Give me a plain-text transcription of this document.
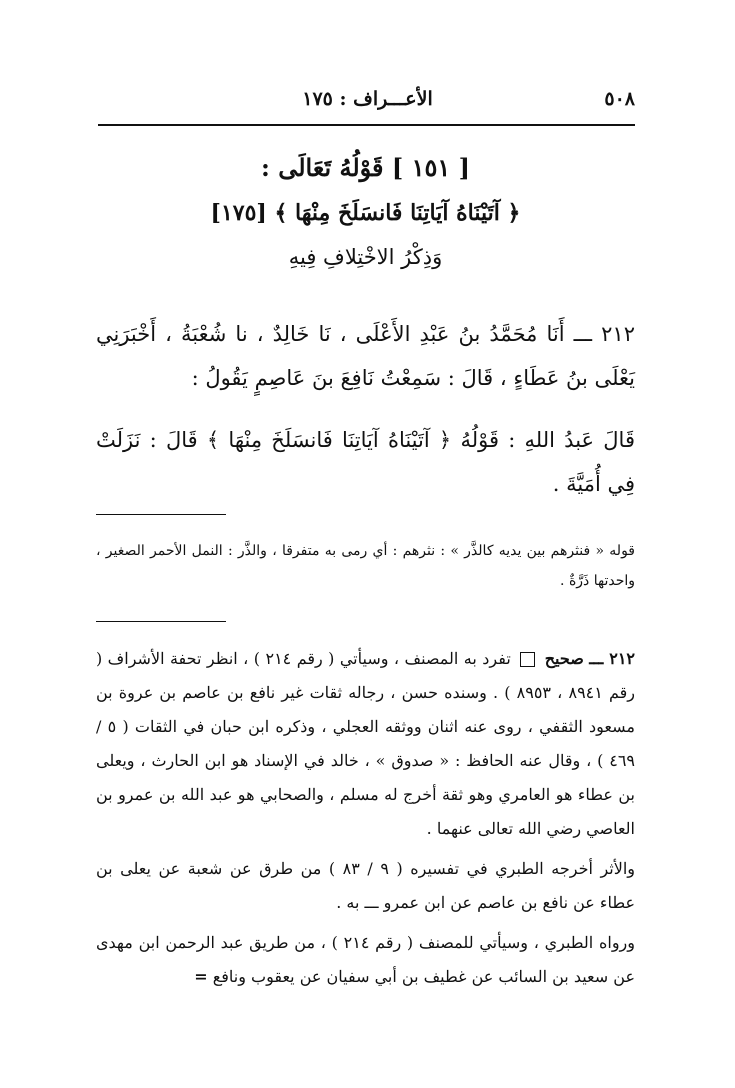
٥٠٨
الأعـــراف : ١٧٥
[ ١٥١ ] قَوْلُهُ تَعَالَى :
﴿ آتَيْنَاهُ آيَاتِنَا فَانسَلَخَ مِنْهَا ﴾ [١٧٥]
وَذِكْرُ الاخْتِلافِ فِيهِ
٢١٢ ـــ أَنَا مُحَمَّدُ بنُ عَبْدِ الأَعْلَى ، نَا خَالِدٌ ، نا شُعْبَةُ ، أَخْبَرَنِي يَعْلَى بنُ عَطَاءٍ ، قَالَ : سَمِعْتُ نَافِعَ بنَ عَاصِمٍ يَقُولُ :
قَالَ عَبدُ اللهِ : قَوْلُهُ ﴿ آتَيْنَاهُ آيَاتِنَا فَانسَلَخَ مِنْهَا ﴾ قَالَ : نَزَلَتْ فِي أُمَيَّةَ .
قوله « فنثرهم بين يديه كالذَّر » : نثرهم : أي رمى به متفرقا ، والذَّر : النمل الأحمر الصغير ، واحدتها ذَرَّةٌ .

٢١٢ ـــ صحيح  تفرد به المصنف ، وسيأتي ( رقم ٢١٤ ) ، انظر تحفة الأشراف ( رقم ٨٩٤١ ، ٨٩٥٣ ) . وسنده حسن ، رجاله ثقات غير نافع بن عاصم بن عروة بن مسعود الثقفي ، روى عنه اثنان ووثقه العجلي ، وذكره ابن حبان في الثقات ( ٥ / ٤٦٩ ) ، وقال عنه الحافظ : « صدوق » ، خالد في الإسناد هو ابن الحارث ، ويعلى بن عطاء هو العامري وهو ثقة أخرج له مسلم ، والصحابي هو عبد الله بن عمرو بن العاصي رضي الله تعالى عنهما .

والأثر أخرجه الطبري في تفسيره ( ٩ / ٨٣ ) من طرق عن شعبة عن يعلى بن عطاء عن نافع بن عاصم عن ابن عمرو ـــ به .

ورواه الطبري ، وسيأتي للمصنف ( رقم ٢١٤ ) ، من طريق عبد الرحمن ابن مهدى عن سعيد بن السائب عن غطيف بن أبي سفيان عن يعقوب ونافع =
